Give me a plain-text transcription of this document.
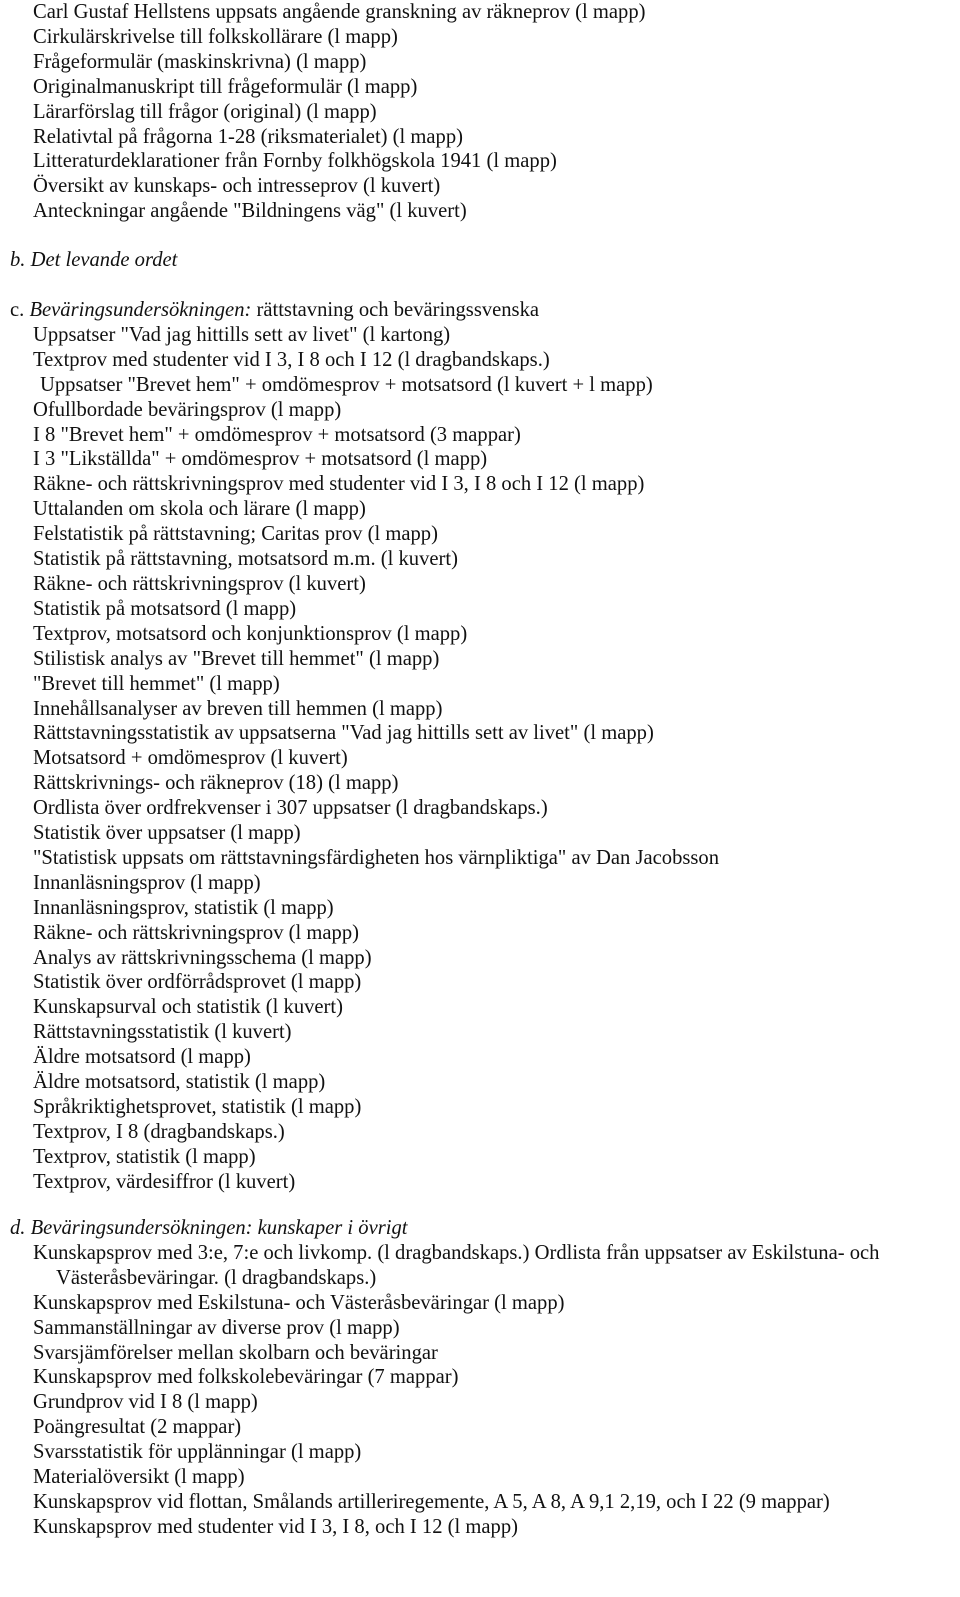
Carl Gustaf Hellstens uppsats angående granskning av räkneprov (l mapp)
Cirkulärskrivelse till folkskollärare (l mapp)
Frågeformulär (maskinskrivna) (l mapp)
Originalmanuskript till frågeformulär (l mapp)
Lärarförslag till frågor (original) (l mapp)
Relativtal på frågorna 1-28 (riksmaterialet) (l mapp)
Litteraturdeklarationer från Fornby folkhögskola 1941 (l mapp)
Översikt av kunskaps- och intresseprov (l kuvert)
Anteckningar angående "Bildningens väg" (l kuvert)
b. Det levande ordet
c. Beväringsundersökningen: rättstavning och beväringssvenska
Uppsatser "Vad jag hittills sett av livet" (l kartong)
Textprov med studenter vid I 3, I 8 och I 12 (l dragbandskaps.)
Uppsatser "Brevet hem" + omdömesprov + motsatsord (l kuvert + l mapp)
Ofullbordade beväringsprov (l mapp)
I 8 "Brevet hem" + omdömesprov + motsatsord (3 mappar)
I 3 "Likställda" + omdömesprov + motsatsord (l mapp)
Räkne- och rättskrivningsprov med studenter vid I 3, I 8 och I 12 (l mapp)
Uttalanden om skola och lärare (l mapp)
Felstatistik på rättstavning; Caritas prov (l mapp)
Statistik på rättstavning, motsatsord m.m. (l kuvert)
Räkne- och rättskrivningsprov (l kuvert)
Statistik på motsatsord (l mapp)
Textprov, motsatsord och konjunktionsprov (l mapp)
Stilistisk analys av "Brevet till hemmet" (l mapp)
"Brevet till hemmet" (l mapp)
Innehållsanalyser av breven till hemmen (l mapp)
Rättstavningsstatistik av uppsatserna "Vad jag hittills sett av livet" (l mapp)
Motsatsord + omdömesprov (l kuvert)
Rättskrivnings- och räkneprov (18) (l mapp)
Ordlista över ordfrekvenser i 307 uppsatser (l dragbandskaps.)
Statistik över uppsatser (l mapp)
"Statistisk uppsats om rättstavningsfärdigheten hos värnpliktiga" av Dan Jacobsson
Innanläsningsprov (l mapp)
Innanläsningsprov, statistik (l mapp)
Räkne- och rättskrivningsprov (l mapp)
Analys av rättskrivningsschema (l mapp)
Statistik över ordförrådsprovet (l mapp)
Kunskapsurval och statistik (l kuvert)
Rättstavningsstatistik (l kuvert)
Äldre motsatsord (l mapp)
Äldre motsatsord, statistik (l mapp)
Språkriktighetsprovet, statistik (l mapp)
Textprov, I 8 (dragbandskaps.)
Textprov, statistik (l mapp)
Textprov, värdesiffror (l kuvert)
d. Beväringsundersökningen: kunskaper i övrigt
Kunskapsprov med 3:e, 7:e och livkomp. (l dragbandskaps.) Ordlista från uppsatser av Eskilstuna- och Västeråsbeväringar. (l dragbandskaps.)
Kunskapsprov med Eskilstuna- och Västeråsbeväringar (l mapp)
Sammanställningar av diverse prov (l mapp)
Svarsjämförelser mellan skolbarn och beväringar
Kunskapsprov med folkskolebeväringar (7 mappar)
Grundprov vid I 8 (l mapp)
Poängresultat (2 mappar)
Svarsstatistik för upplänningar (l mapp)
Materialöversikt (l mapp)
Kunskapsprov vid flottan, Smålands artilleriregemente, A 5, A 8, A 9,1 2,19, och I 22 (9 mappar)
Kunskapsprov med studenter vid I 3, I 8, och I 12 (l mapp)
